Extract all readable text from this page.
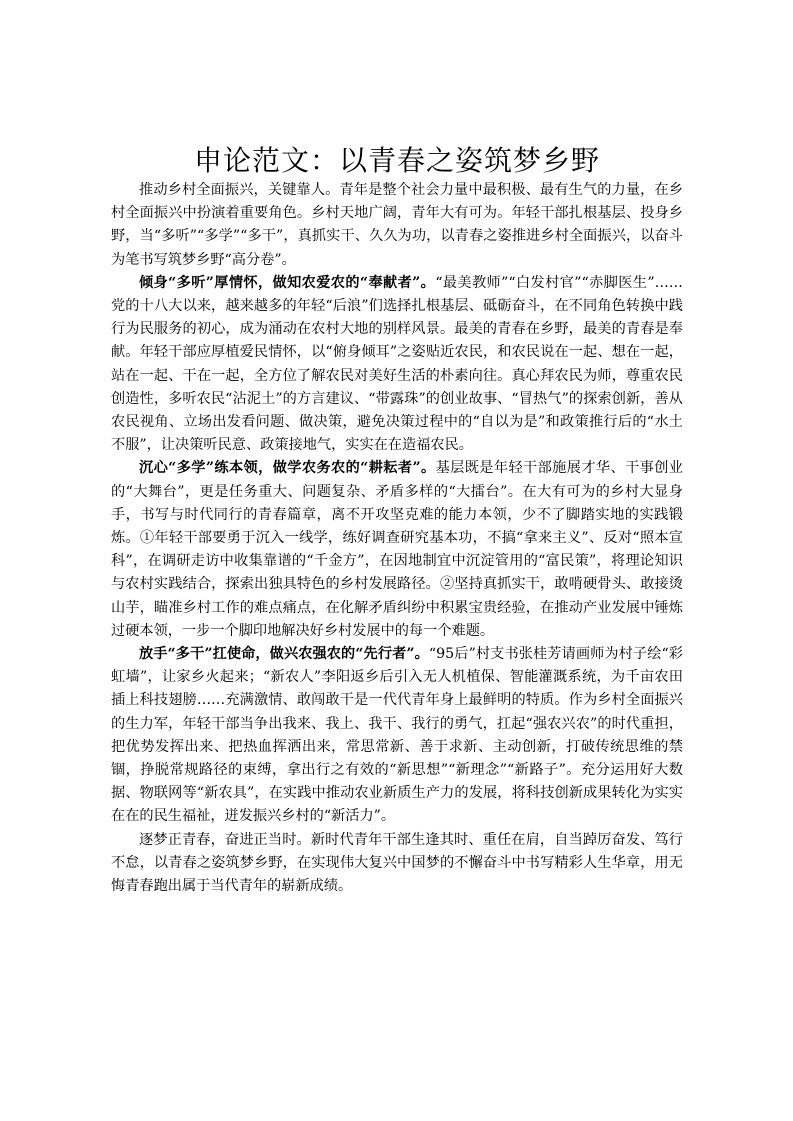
申论范文：以青春之姿筑梦乡野

推动乡村全面振兴，关键靠人。青年是整个社会力量中最积极、最有生气的力量，在乡村全面振兴中扮演着重要角色。乡村天地广阔，青年大有可为。年轻干部扎根基层、投身乡野，当“多听”“多学”“多干”，真抓实干、久久为功，以青春之姿推进乡村全面振兴，以奋斗为笔书写筑梦乡野“高分卷”。

倾身“多听”厚情怀，做知农爱农的“奉献者”。“最美教师”“白发村官”“赤脚医生”……党的十八大以来，越来越多的年轻“后浪”们选择扎根基层、砥砺奋斗，在不同角色转换中践行为民服务的初心，成为涌动在农村大地的别样风景。最美的青春在乡野，最美的青春是奉献。年轻干部应厚植爱民情怀，以“俯身倾耳”之姿贴近农民，和农民说在一起、想在一起，站在一起、干在一起，全方位了解农民对美好生活的朴素向往。真心拜农民为师，尊重农民创造性，多听农民“沾泥土”的方言建议、“带露珠”的创业故事、“冒热气”的探索创新，善从农民视角、立场出发看问题、做决策，避免决策过程中的“自以为是”和政策推行后的“水土不服”，让决策听民意、政策接地气，实实在在造福农民。

沉心“多学”练本领，做学农务农的“耕耘者”。基层既是年轻干部施展才华、干事创业的“大舞台”，更是任务重大、问题复杂、矛盾多样的“大擂台”。在大有可为的乡村大显身手，书写与时代同行的青春篇章，离不开攻坚克难的能力本领，少不了脚踏实地的实践锻炼。①年轻干部要勇于沉入一线学，练好调查研究基本功，不搞“拿来主义”、反对“照本宣科”，在调研走访中收集靠谱的“千金方”，在因地制宜中沉淀管用的“富民策”，将理论知识与农村实践结合，探索出独具特色的乡村发展路径。②坚持真抓实干，敢啃硬骨头、敢接烫山芋，瞄准乡村工作的难点痛点，在化解矛盾纠纷中积累宝贵经验，在推动产业发展中锤炼过硬本领，一步一个脚印地解决好乡村发展中的每一个难题。

放手“多干”扛使命，做兴农强农的“先行者”。“95后”村支书张桂芳请画师为村子绘“彩虹墙”，让家乡火起来；“新农人”李阳返乡后引入无人机植保、智能灌溉系统，为千亩农田插上科技翅膀……充满激情、敢闯敢干是一代代青年身上最鲜明的特质。作为乡村全面振兴的生力军，年轻干部当争出我来、我上、我干、我行的勇气，扛起“强农兴农”的时代重担，把优势发挥出来、把热血挥洒出来，常思常新、善于求新、主动创新，打破传统思维的禁锢，挣脱常规路径的束缚，拿出行之有效的“新思想”“新理念”“新路子”。充分运用好大数据、物联网等“新农具”，在实践中推动农业新质生产力的发展，将科技创新成果转化为实实在在的民生福祉，迸发振兴乡村的“新活力”。

逐梦正青春，奋进正当时。新时代青年干部生逢其时、重任在肩，自当踔厉奋发、笃行不怠，以青春之姿筑梦乡野，在实现伟大复兴中国梦的不懈奋斗中书写精彩人生华章，用无悔青春跑出属于当代青年的崭新成绩。
